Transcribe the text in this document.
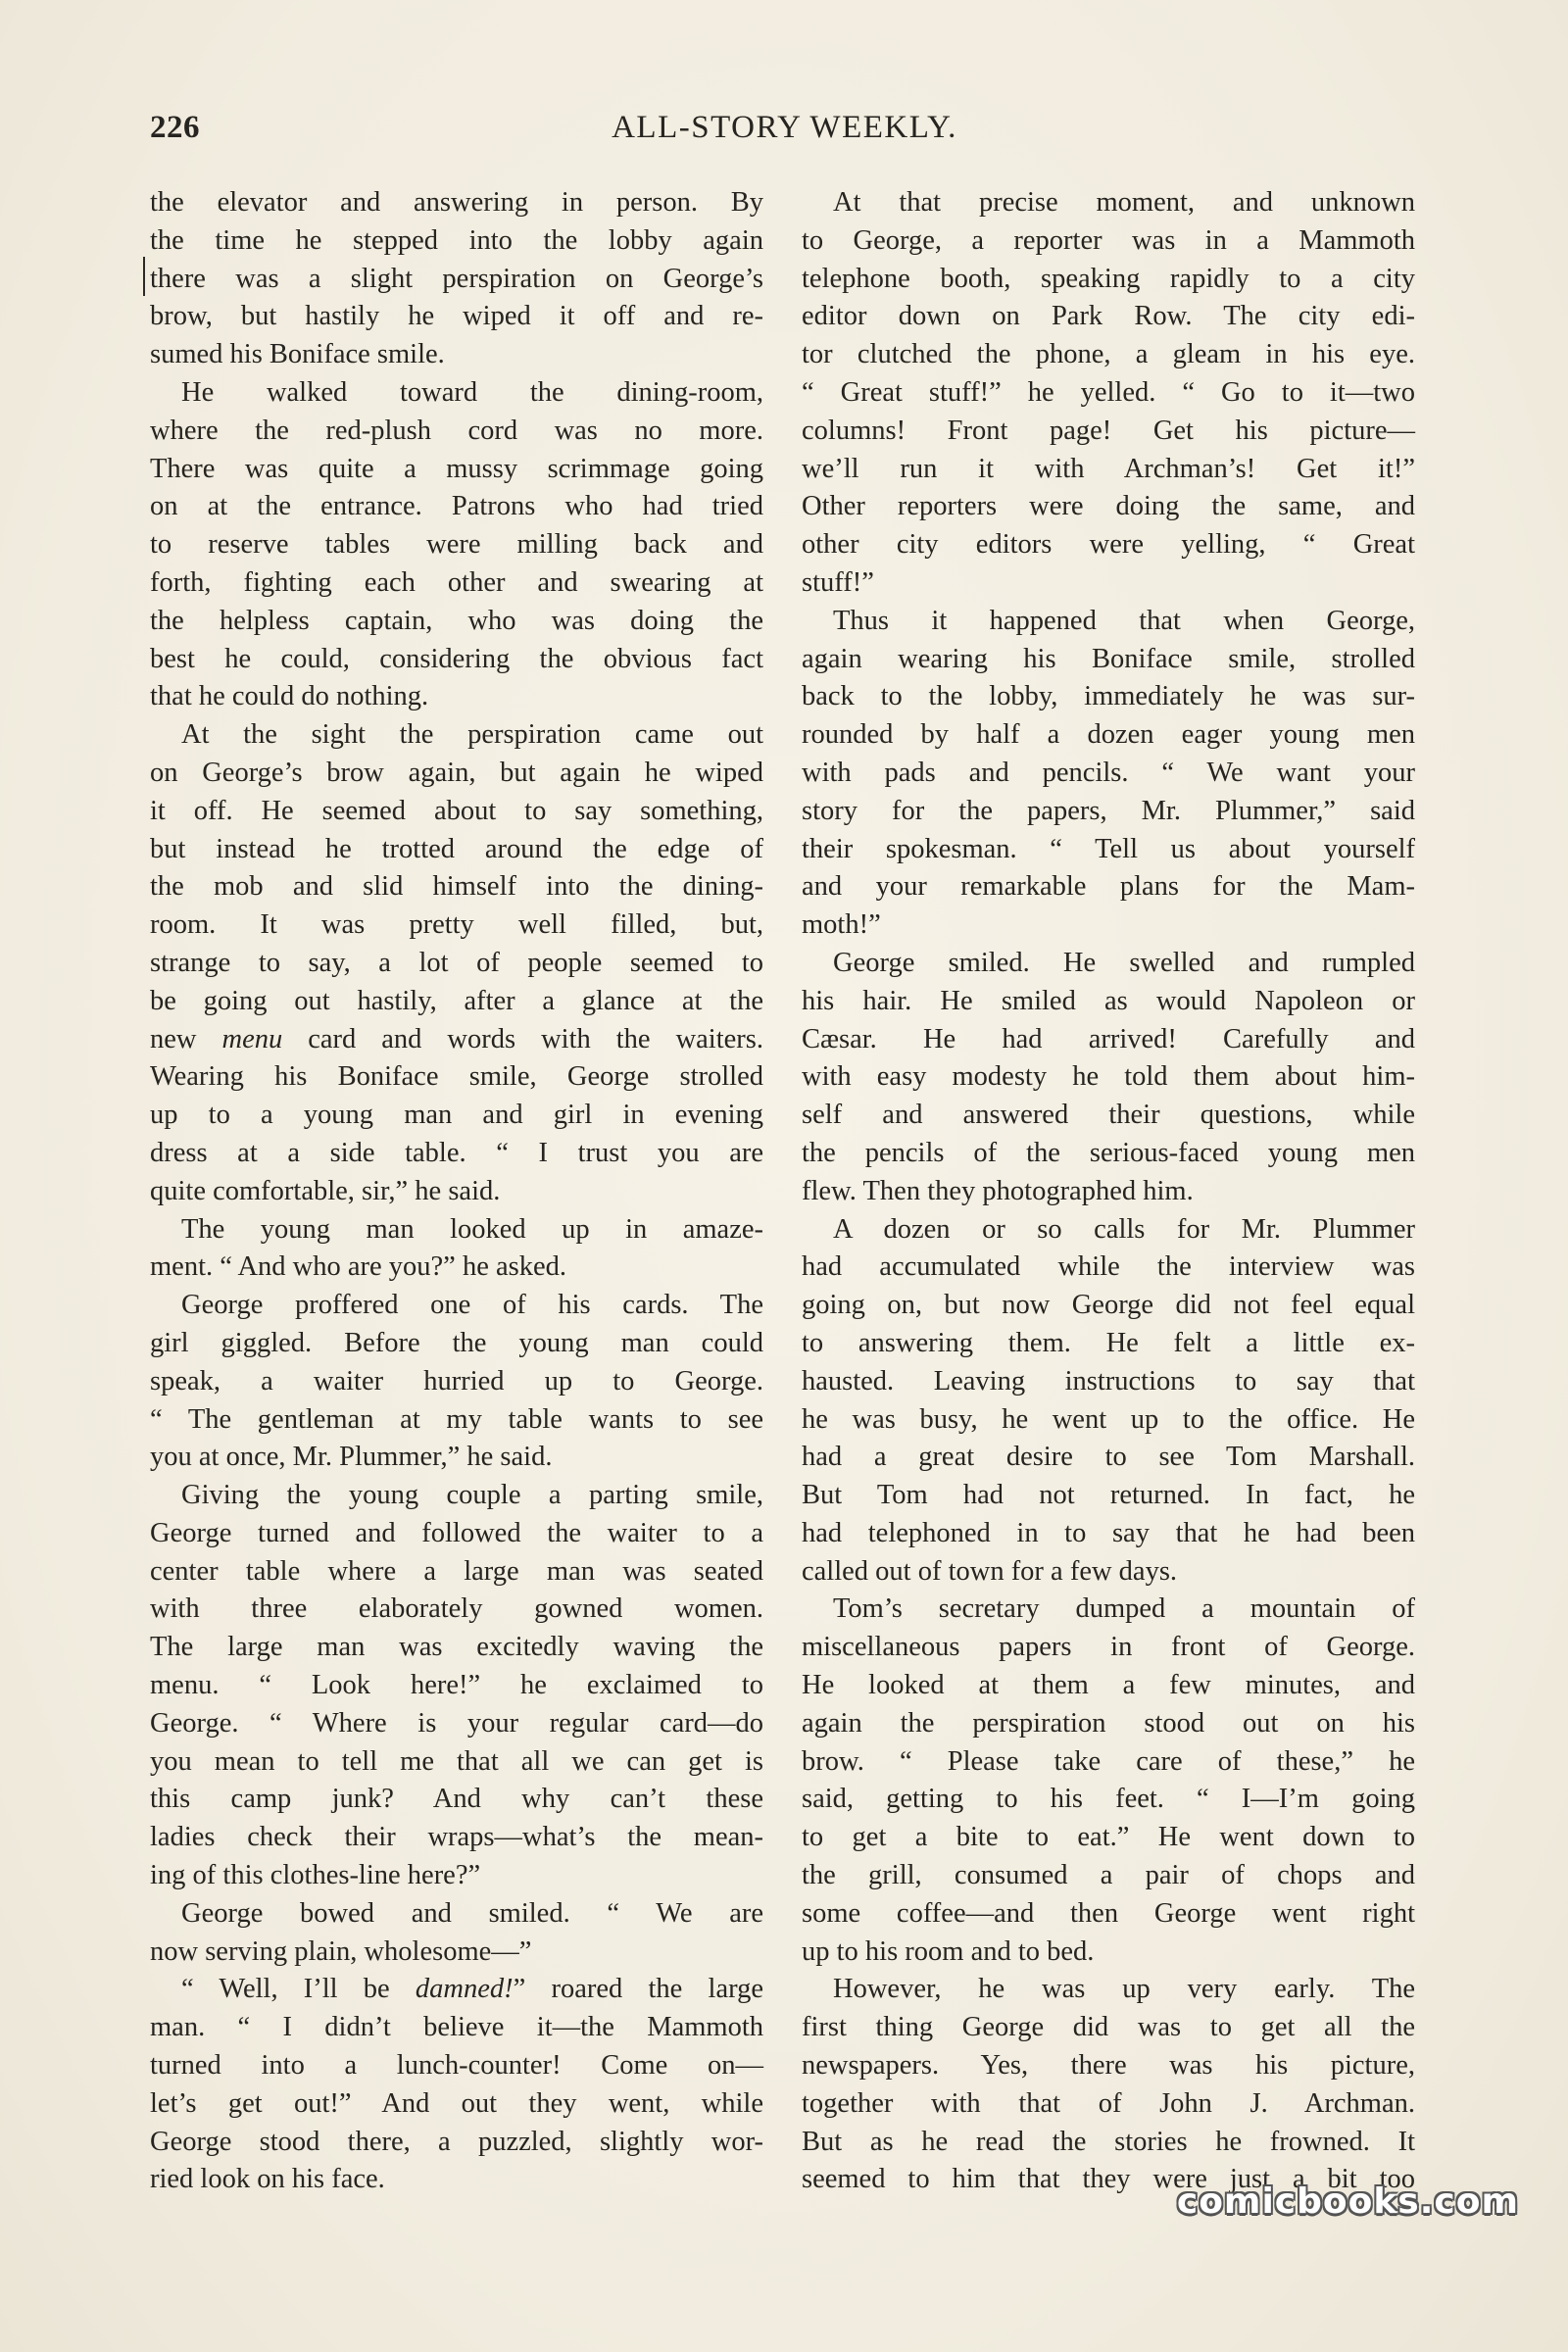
226	ALL-STORY WEEKLY.
the elevator and answering in person. By
the time he stepped into the lobby again
there was a slight perspiration on George’s
brow, but hastily he wiped it off and re-
sumed his Boniface smile.
He walked toward the dining-room,
where the red-plush cord was no more.
There was quite a mussy scrimmage going
on at the entrance. Patrons who had tried
to reserve tables were milling back and
forth, fighting each other and swearing at
the helpless captain, who was doing the
best he could, considering the obvious fact
that he could do nothing.
At the sight the perspiration came out
on George’s brow again, but again he wiped
it off. He seemed about to say something,
but instead he trotted around the edge of
the mob and slid himself into the dining-
room. It was pretty well filled, but,
strange to say, a lot of people seemed to
be going out hastily, after a glance at the
new menu card and words with the waiters.
Wearing his Boniface smile, George strolled
up to a young man and girl in evening
dress at a side table. “ I trust you are
quite comfortable, sir,” he said.
The young man looked up in amaze-
ment. “ And who are you?” he asked.
George proffered one of his cards. The
girl giggled. Before the young man could
speak, a waiter hurried up to George.
“ The gentleman at my table wants to see
you at once, Mr. Plummer,” he said.
Giving the young couple a parting smile,
George turned and followed the waiter to a
center table where a large man was seated
with three elaborately gowned women.
The large man was excitedly waving the
menu. “ Look here!” he exclaimed to
George. “ Where is your regular card—do
you mean to tell me that all we can get is
this camp junk? And why can’t these
ladies check their wraps—what’s the mean-
ing of this clothes-line here?”
George bowed and smiled. “ We are
now serving plain, wholesome—”
“ Well, I’ll be damned!” roared the large
man. “ I didn’t believe it—the Mammoth
turned into a lunch-counter! Come on—
let’s get out!” And out they went, while
George stood there, a puzzled, slightly wor-
ried look on his face.
At that precise moment, and unknown
to George, a reporter was in a Mammoth
telephone booth, speaking rapidly to a city
editor down on Park Row. The city edi-
tor clutched the phone, a gleam in his eye.
“ Great stuff!” he yelled. “ Go to it—two
columns! Front page! Get his picture—
we’ll run it with Archman’s! Get it!”
Other reporters were doing the same, and
other city editors were yelling, “ Great
stuff!”
Thus it happened that when George,
again wearing his Boniface smile, strolled
back to the lobby, immediately he was sur-
rounded by half a dozen eager young men
with pads and pencils. “ We want your
story for the papers, Mr. Plummer,” said
their spokesman. “ Tell us about yourself
and your remarkable plans for the Mam-
moth!”
George smiled. He swelled and rumpled
his hair. He smiled as would Napoleon or
Cæsar. He had arrived! Carefully and
with easy modesty he told them about him-
self and answered their questions, while
the pencils of the serious-faced young men
flew. Then they photographed him.
A dozen or so calls for Mr. Plummer
had accumulated while the interview was
going on, but now George did not feel equal
to answering them. He felt a little ex-
hausted. Leaving instructions to say that
he was busy, he went up to the office. He
had a great desire to see Tom Marshall.
But Tom had not returned. In fact, he
had telephoned in to say that he had been
called out of town for a few days.
Tom’s secretary dumped a mountain of
miscellaneous papers in front of George.
He looked at them a few minutes, and
again the perspiration stood out on his
brow. “ Please take care of these,” he
said, getting to his feet. “ I—I’m going
to get a bite to eat.” He went down to
the grill, consumed a pair of chops and
some coffee—and then George went right
up to his room and to bed.
However, he was up very early. The
first thing George did was to get all the
newspapers. Yes, there was his picture,
together with that of John J. Archman.
But as he read the stories he frowned. It
seemed to him that they were just a bit too
comicbooks.com
